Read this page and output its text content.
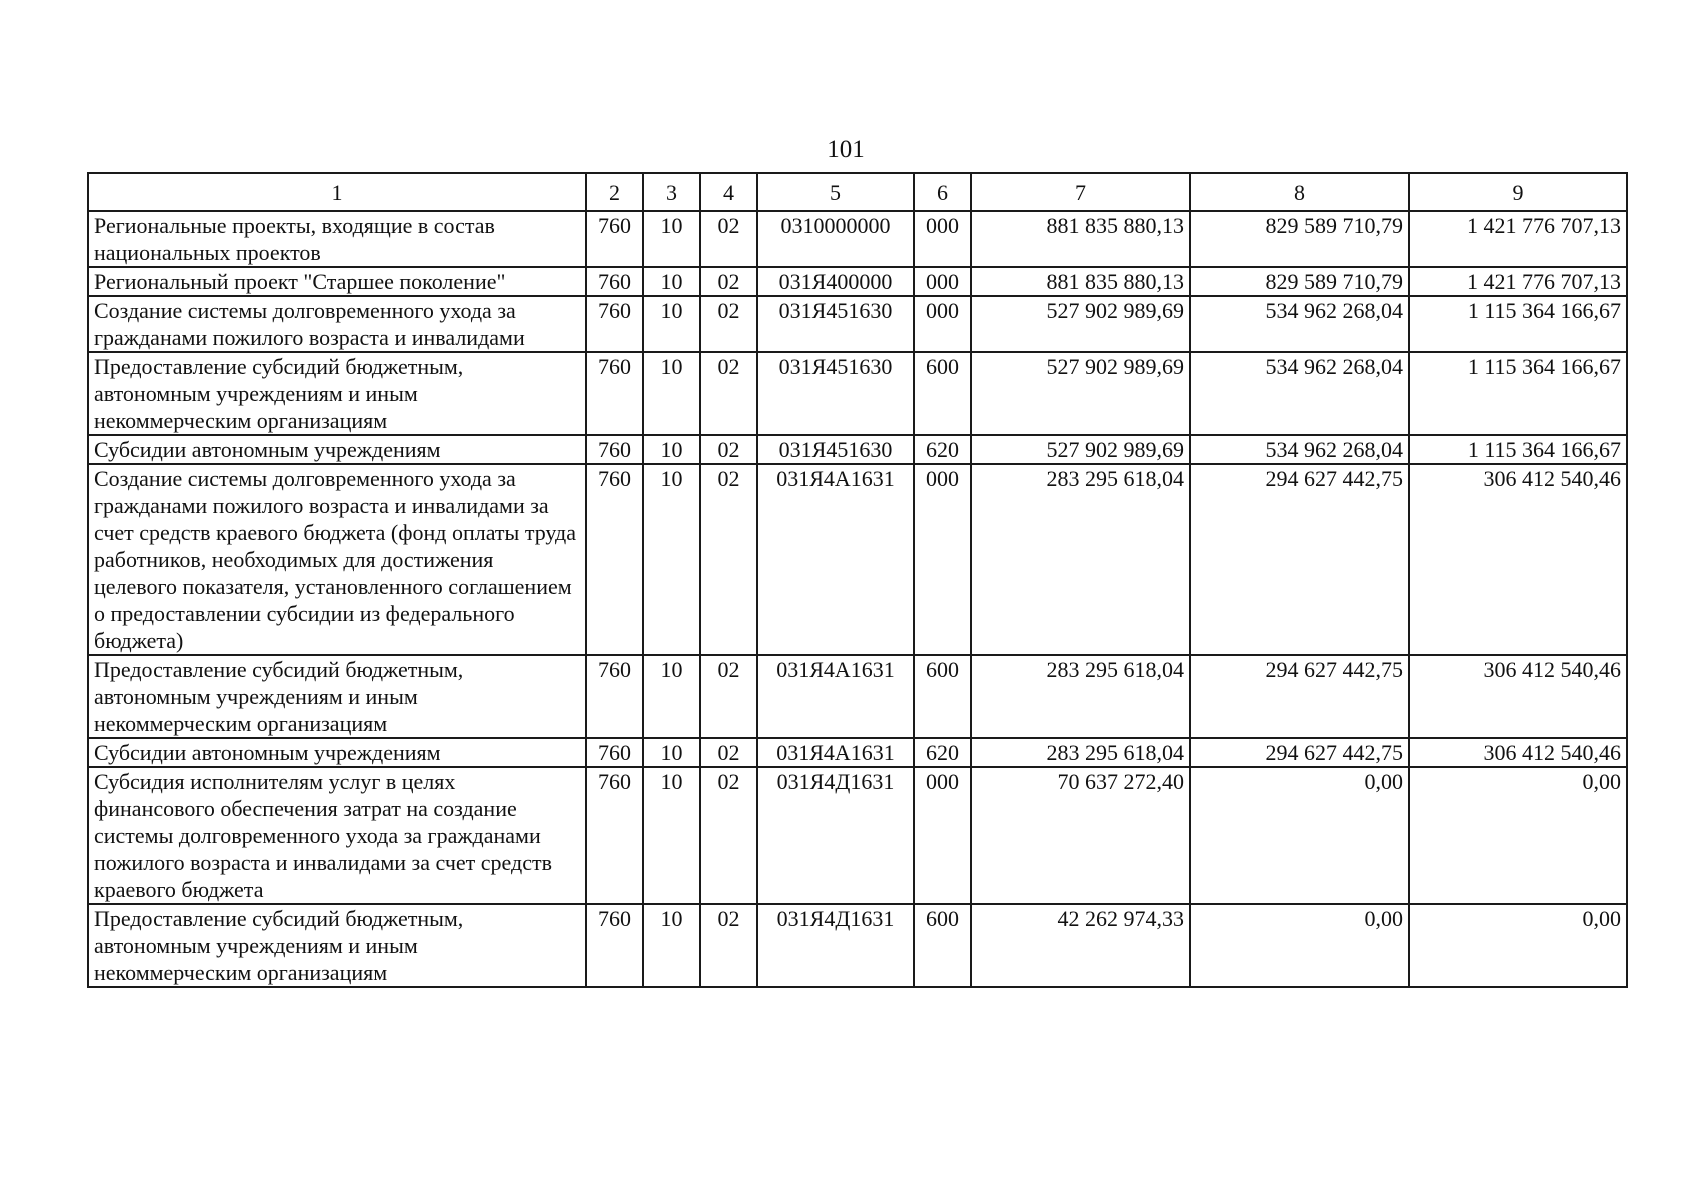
101
1	2	3	4	5	6	7	8	9
Региональные проекты, входящие в состав национальных проектов	760	10	02	0310000000	000	881 835 880,13	829 589 710,79	1 421 776 707,13
Региональный проект "Старшее поколение"	760	10	02	031Я400000	000	881 835 880,13	829 589 710,79	1 421 776 707,13
Создание системы долговременного ухода за гражданами пожилого возраста и инвалидами	760	10	02	031Я451630	000	527 902 989,69	534 962 268,04	1 115 364 166,67
Предоставление субсидий бюджетным, автономным учреждениям и иным некоммерческим организациям	760	10	02	031Я451630	600	527 902 989,69	534 962 268,04	1 115 364 166,67
Субсидии автономным учреждениям	760	10	02	031Я451630	620	527 902 989,69	534 962 268,04	1 115 364 166,67
Создание системы долговременного ухода за гражданами пожилого возраста и инвалидами за счет средств краевого бюджета (фонд оплаты труда работников, необходимых для достижения целевого показателя, установленного соглашением о предоставлении субсидии из федерального бюджета)	760	10	02	031Я4А1631	000	283 295 618,04	294 627 442,75	306 412 540,46
Предоставление субсидий бюджетным, автономным учреждениям и иным некоммерческим организациям	760	10	02	031Я4А1631	600	283 295 618,04	294 627 442,75	306 412 540,46
Субсидии автономным учреждениям	760	10	02	031Я4А1631	620	283 295 618,04	294 627 442,75	306 412 540,46
Субсидия исполнителям услуг в целях финансового обеспечения затрат на создание системы долговременного ухода за гражданами пожилого возраста и инвалидами за счет средств краевого бюджета	760	10	02	031Я4Д1631	000	70 637 272,40	0,00	0,00
Предоставление субсидий бюджетным, автономным учреждениям и иным некоммерческим организациям	760	10	02	031Я4Д1631	600	42 262 974,33	0,00	0,00
